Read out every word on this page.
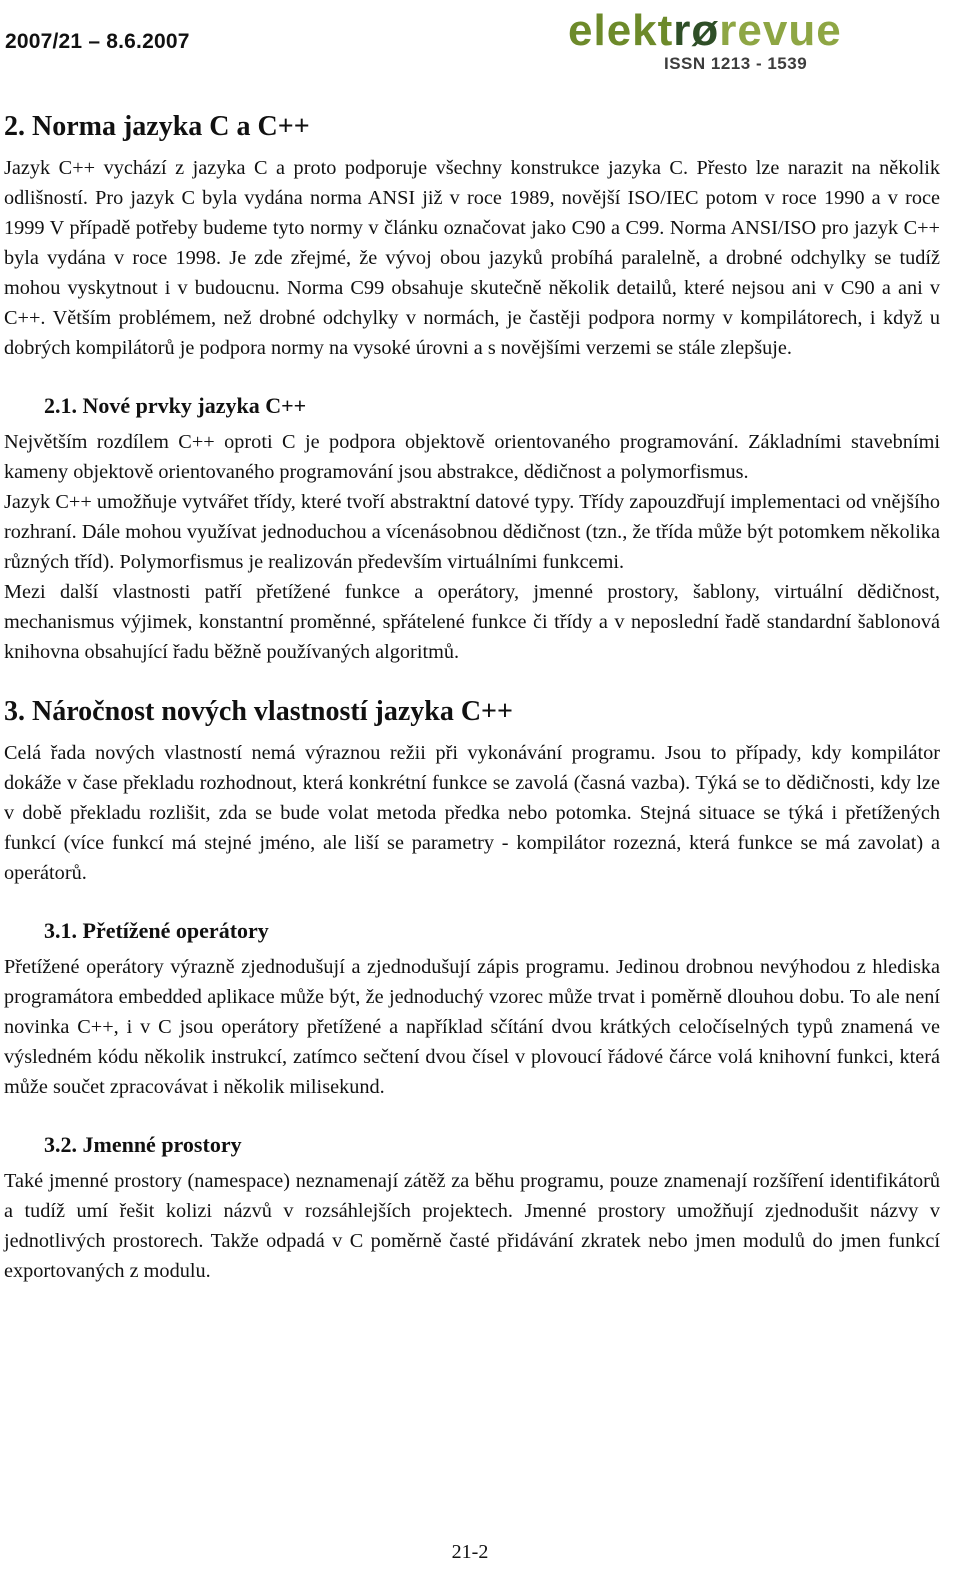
2007/21 – 8.6.2007	elektrørevue
ISSN 1213 - 1539
2. Norma jazyka C a C++

Jazyk C++ vychází z jazyka C a proto podporuje všechny konstrukce jazyka C. Přesto lze narazit na několik odlišností. Pro jazyk C byla vydána norma ANSI již v roce 1989, novější ISO/IEC potom v roce 1990 a v roce 1999 V případě potřeby budeme tyto normy v článku označovat jako C90 a C99. Norma ANSI/ISO pro jazyk C++ byla vydána v roce 1998. Je zde zřejmé, že vývoj obou jazyků probíhá paralelně, a drobné odchylky se tudíž mohou vyskytnout i v budoucnu. Norma C99 obsahuje skutečně několik detailů, které nejsou ani v C90 a ani v C++. Větším problémem, než drobné odchylky v normách, je častěji podpora normy v kompilátorech, i když u dobrých kompilátorů je podpora normy na vysoké úrovni a s novějšími verzemi se stále zlepšuje.

2.1. Nové prvky jazyka C++

Největším rozdílem C++ oproti C je podpora objektově orientovaného programování. Základními stavebními kameny objektově orientovaného programování jsou abstrakce, dědičnost a polymorfismus.

Jazyk C++ umožňuje vytvářet třídy, které tvoří abstraktní datové typy. Třídy zapouzdřují implementaci od vnějšího rozhraní. Dále mohou využívat jednoduchou a vícenásobnou dědičnost (tzn., že třída může být potomkem několika různých tříd). Polymorfismus je realizován především virtuálními funkcemi.

Mezi další vlastnosti patří přetížené funkce a operátory, jmenné prostory, šablony, virtuální dědičnost, mechanismus výjimek, konstantní proměnné, spřátelené funkce či třídy a v neposlední řadě standardní šablonová knihovna obsahující řadu běžně používaných algoritmů.

3. Náročnost nových vlastností jazyka C++

Celá řada nových vlastností nemá výraznou režii při vykonávání programu. Jsou to případy, kdy kompilátor dokáže v čase překladu rozhodnout, která konkrétní funkce se zavolá (časná vazba). Týká se to dědičnosti, kdy lze v době překladu rozlišit, zda se bude volat metoda předka nebo potomka. Stejná situace se týká i přetížených funkcí (více funkcí má stejné jméno, ale liší se parametry - kompilátor rozezná, která funkce se má zavolat) a operátorů.

3.1. Přetížené operátory

Přetížené operátory výrazně zjednodušují a zjednodušují zápis programu. Jedinou drobnou nevýhodou z hlediska programátora embedded aplikace může být, že jednoduchý vzorec může trvat i poměrně dlouhou dobu. To ale není novinka C++, i v C jsou operátory přetížené a například sčítání dvou krátkých celočíselných typů znamená ve výsledném kódu několik instrukcí, zatímco sečtení dvou čísel v plovoucí řádové čárce volá knihovní funkci, která může součet zpracovávat i několik milisekund.

3.2. Jmenné prostory

Také jmenné prostory (namespace) neznamenají zátěž za běhu programu, pouze znamenají rozšíření identifikátorů a tudíž umí řešit kolizi názvů v rozsáhlejších projektech. Jmenné prostory umožňují zjednodušit názvy v jednotlivých prostorech. Takže odpadá v C poměrně časté přidávání zkratek nebo jmen modulů do jmen funkcí exportovaných z modulu.

21-2
